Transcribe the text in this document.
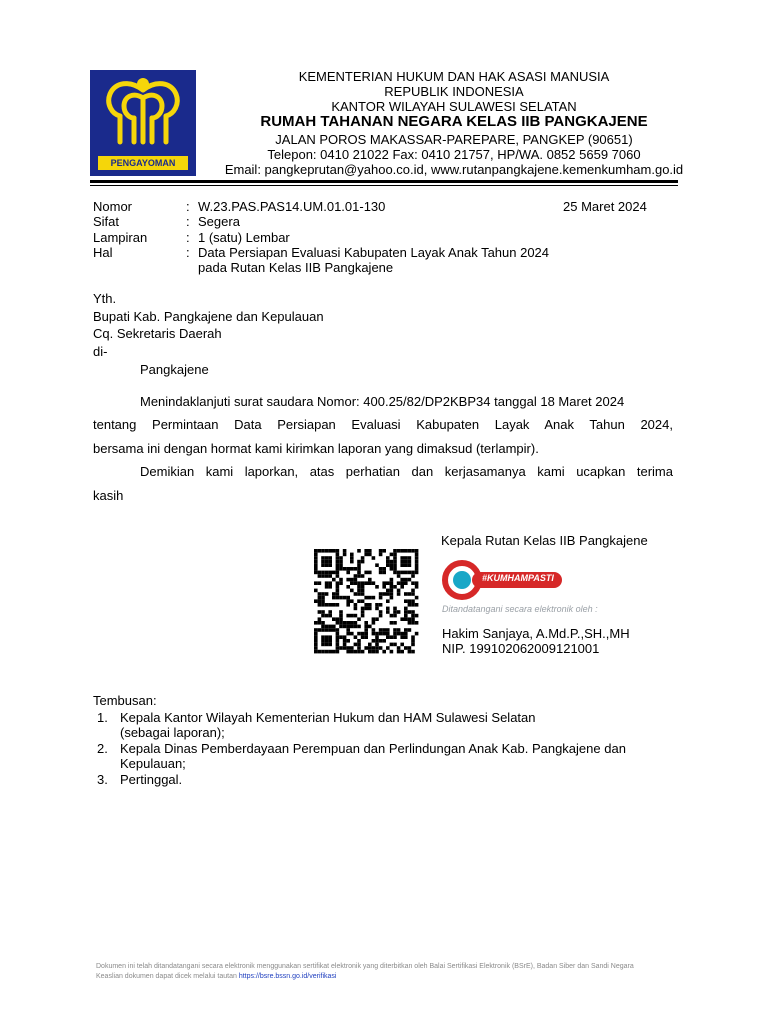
PENGAYOMAN
KEMENTERIAN HUKUM DAN HAK ASASI MANUSIA
REPUBLIK INDONESIA
KANTOR WILAYAH SULAWESI SELATAN
RUMAH TAHANAN NEGARA KELAS IIB PANGKAJENE
JALAN POROS MAKASSAR-PAREPARE, PANGKEP (90651)
Telepon: 0410 21022 Fax: 0410 21757, HP/WA. 0852 5659 7060
Email: pangkeprutan@yahoo.co.id, www.rutanpangkajene.kemenkumham.go.id
Nomor	: W.23.PAS.PAS14.UM.01.01-130	25 Maret 2024
Sifat	: Segera
Lampiran	: 1 (satu) Lembar
Hal	: Data Persiapan Evaluasi Kabupaten Layak Anak Tahun 2024
pada Rutan Kelas IIB Pangkajene
Yth.
Bupati Kab. Pangkajene dan Kepulauan
Cq. Sekretaris Daerah
di-
Pangkajene
Menindaklanjuti surat saudara Nomor: 400.25/82/DP2KBP34 tanggal 18 Maret 2024
tentang Permintaan Data Persiapan Evaluasi Kabupaten Layak Anak Tahun 2024,
bersama ini dengan hormat kami kirimkan laporan yang dimaksud (terlampir).
Demikian kami laporkan, atas perhatian dan kerjasamanya kami ucapkan terima
kasih
Kepala Rutan Kelas IIB Pangkajene
#KUMHAMPASTI
Ditandatangani secara elektronik oleh :
Hakim Sanjaya, A.Md.P.,SH.,MH
NIP. 199102062009121001
Tembusan:
1. Kepala Kantor Wilayah Kementerian Hukum dan HAM Sulawesi Selatan
(sebagai laporan);
2. Kepala Dinas Pemberdayaan Perempuan dan Perlindungan Anak Kab. Pangkajene dan
Kepulauan;
3. Pertinggal.
Dokumen ini telah ditandatangani secara elektronik menggunakan sertifikat elektronik yang diterbitkan oleh Balai Sertifikasi Elektronik (BSrE), Badan Siber dan Sandi Negara
Keaslian dokumen dapat dicek melalui tautan https://bsre.bssn.go.id/verifikasi
